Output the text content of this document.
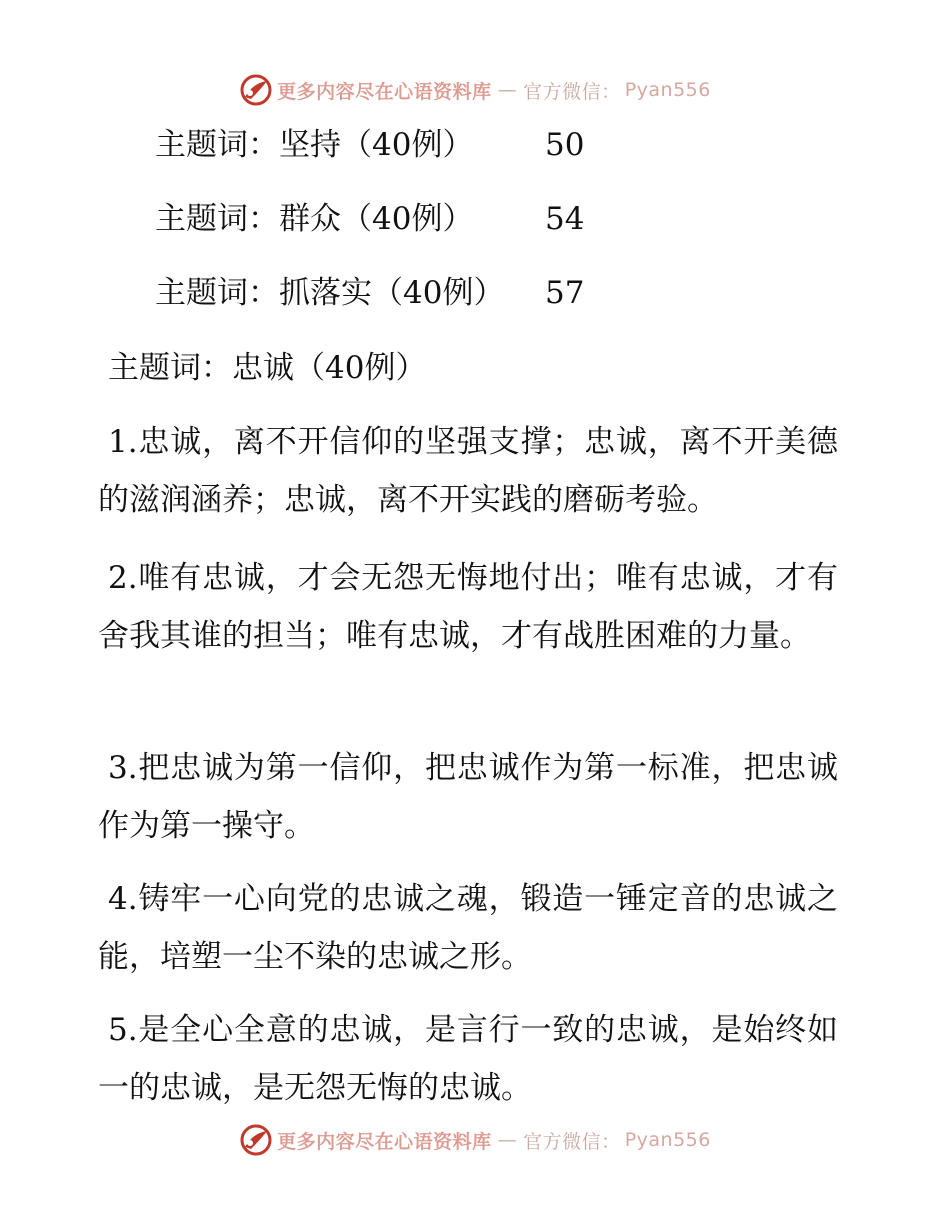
更多内容尽在心语资料库 — 官方微信： Pyan556
主题词：坚持（40例） 50
主题词：群众（40例） 54
主题词：抓落实（40例） 57
主题词：忠诚（40例）

1.忠诚，离不开信仰的坚强支撑；忠诚，离不开美德的滋润涵养；忠诚，离不开实践的磨砺考验。

2.唯有忠诚，才会无怨无悔地付出；唯有忠诚，才有舍我其谁的担当；唯有忠诚，才有战胜困难的力量。

3.把忠诚为第一信仰，把忠诚作为第一标准，把忠诚作为第一操守。

4.铸牢一心向党的忠诚之魂，锻造一锤定音的忠诚之能，培塑一尘不染的忠诚之形。

5.是全心全意的忠诚，是言行一致的忠诚，是始终如一的忠诚，是无怨无悔的忠诚。

更多内容尽在心语资料库 — 官方微信： Pyan556
